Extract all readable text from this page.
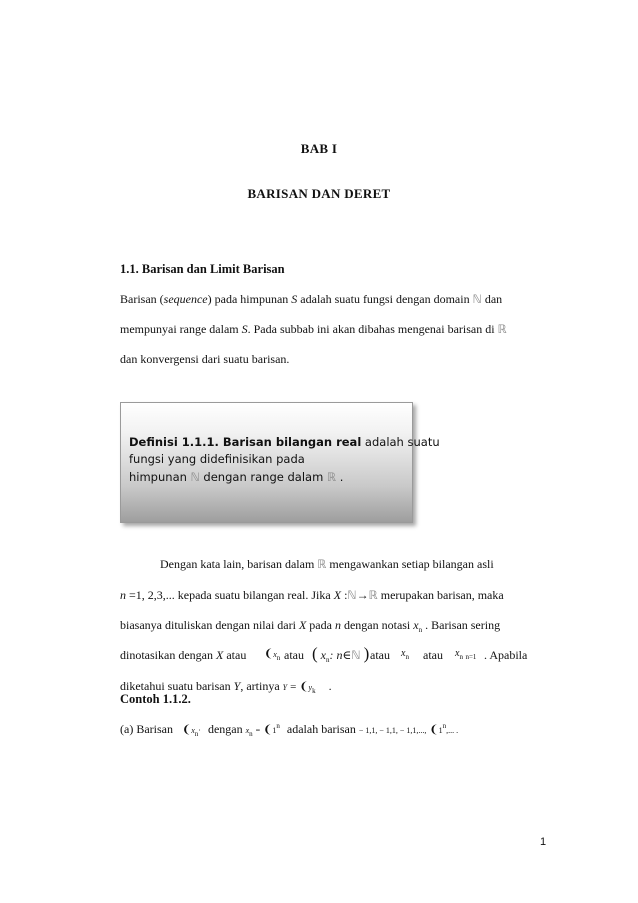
BAB I
BARISAN DAN DERET
1.1. Barisan dan Limit Barisan
Barisan (sequence) pada himpunan S adalah suatu fungsi dengan domain ℕ dan
mempunyai range dalam S. Pada subbab ini akan dibahas mengenai barisan di ℝ
dan konvergensi dari suatu barisan.
Definisi 1.1.1. Barisan bilangan real adalah suatu
fungsi yang didefinisikan pada
himpunan ℕ dengan range dalam ℝ .
Dengan kata lain, barisan dalam ℝ mengawankan setiap bilangan asli
n =1, 2,3,... kepada suatu bilangan real. Jika X :ℕ→ℝ merupakan barisan, maka
biasanya dituliskan dengan nilai dari X pada n dengan notasi $x_n$ . Barisan sering
dinotasikan dengan X atau $❨x_n$ atau ( $x_n$: n∈ℕ ) atau $x_n$ atau $x_n$ $_{n=1}$ . Apabila
diketahui suatu barisan Y, artinya $Y = ❨y_k$ .
Contoh 1.1.2.
(a) Barisan $❨x_n\cdot$ dengan $x_n$ = $❨1^n$ adalah barisan − 1,1, − 1,1, − 1,1,..., ❨1$^n$,... .
1
